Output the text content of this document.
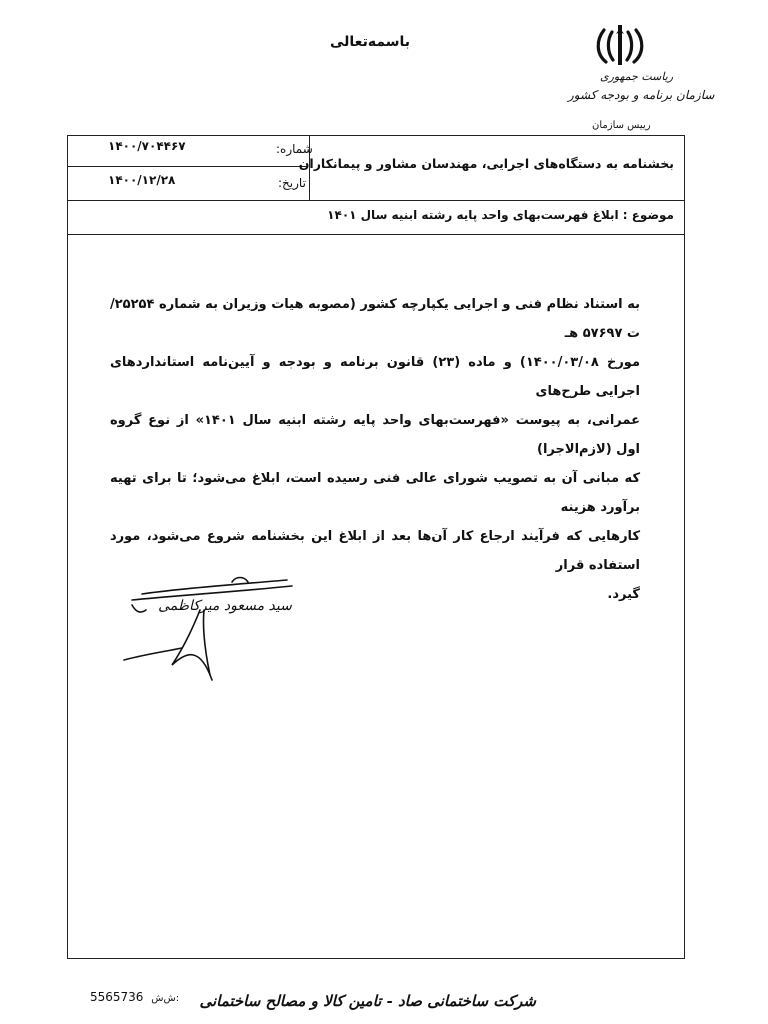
باسمه‌تعالی
ریاست جمهوری
سازمان برنامه و بودجه کشور
رییس سازمان
بخشنامه به دستگاه‌های اجرایی، مهندسان مشاور و پیمانکاران
شماره:
۱۴۰۰/۷۰۴۴۶۷
تاریخ:
۱۴۰۰/۱۲/۲۸
موضوع : ابلاغ فهرست‌بهای واحد پایه رشته ابنیه سال ۱۴۰۱
به استناد نظام فنی و اجرایی یکپارچه کشور (مصوبه هیات وزیران به شماره ۲۵۲۵۴/ت ۵۷۶۹۷ هـ
مورخ ۱۴۰۰/۰۳/۰۸) و ماده (۲۳) قانون برنامه و بودجه و آیین‌نامه استانداردهای اجرایی طرح‌های
عمرانی، به پیوست «فهرست‌بهای واحد پایه رشته ابنیه سال ۱۴۰۱» از نوع گروه اول (لازم‌الاجرا)
که مبانی آن به تصویب شورای عالی فنی رسیده است، ابلاغ می‌شود؛ تا برای تهیه برآورد هزینه
کارهایی که فرآیند ارجاع کار آن‌ها بعد از ابلاغ این بخشنامه شروع می‌شود، مورد استفاده قرار
گیرد.
سید مسعود میرکاظمی
5565736 ش‌ش: شرکت ساختمانی صاد - تامین کالا و مصالح ساختمانی
